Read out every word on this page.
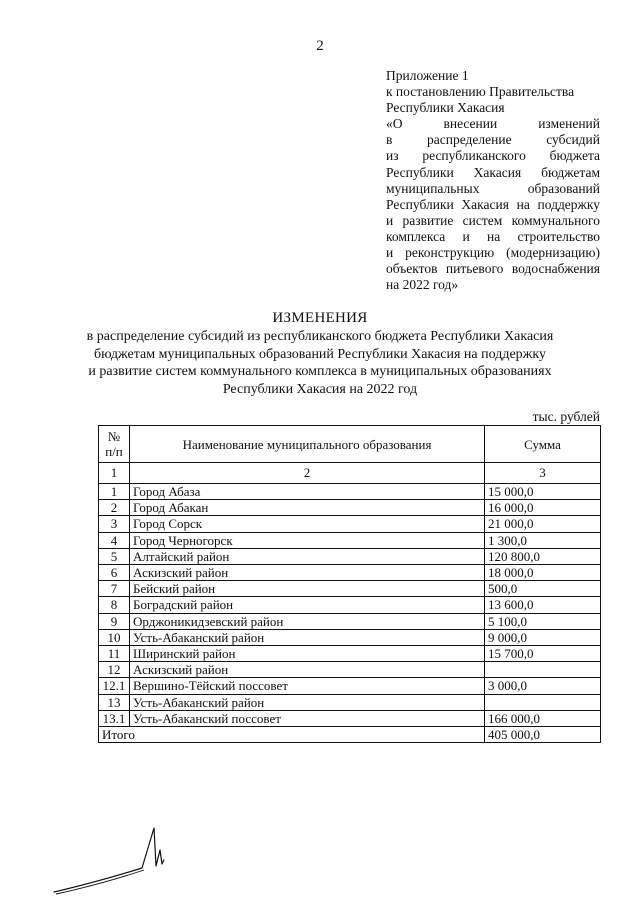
2
Приложение 1
к постановлению Правительства
Республики Хакасия
«О внесении изменений
в распределение субсидий
из республиканского бюджета
Республики Хакасия бюджетам
муниципальных образований
Республики Хакасия на поддержку
и развитие систем коммунального
комплекса и на строительство
и реконструкцию (модернизацию)
объектов питьевого водоснабжения
на 2022 год»
ИЗМЕНЕНИЯ
в распределение субсидий из республиканского бюджета Республики Хакасия
бюджетам муниципальных образований Республики Хакасия на поддержку
и развитие систем коммунального комплекса в муниципальных образованиях
Республики Хакасия на 2022 год
тыс. рублей
№ п/п	Наименование муниципального образования	Сумма
1	2	3
1	Город Абаза	15 000,0
2	Город Абакан	16 000,0
3	Город Сорск	21 000,0
4	Город Черногорск	1 300,0
5	Алтайский район	120 800,0
6	Аскизский район	18 000,0
7	Бейский район	500,0
8	Боградский район	13 600,0
9	Орджоникидзевский район	5 100,0
10	Усть-Абаканский район	9 000,0
11	Ширинский район	15 700,0
12	Аскизский район	
12.1	Вершино-Тёйский поссовет	3 000,0
13	Усть-Абаканский район	
13.1	Усть-Абаканский поссовет	166 000,0
Итого		405 000,0
